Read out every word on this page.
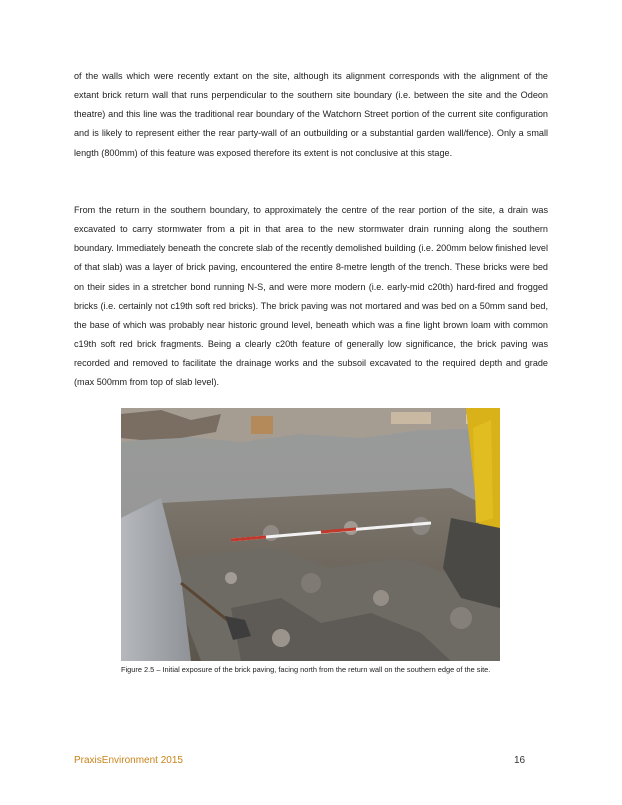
of the walls which were recently extant on the site, although its alignment corresponds with the alignment of the extant brick return wall that runs perpendicular to the southern site boundary (i.e. between the site and the Odeon theatre) and this line was the traditional rear boundary of the Watchorn Street portion of the current site configuration and is likely to represent either the rear party-wall of an outbuilding or a substantial garden wall/fence). Only a small length (800mm) of this feature was exposed therefore its extent is not conclusive at this stage.

From the return in the southern boundary, to approximately the centre of the rear portion of the site, a drain was excavated to carry stormwater from a pit in that area to the new stormwater drain running along the southern boundary. Immediately beneath the concrete slab of the recently demolished building (i.e. 200mm below finished level of that slab) was a layer of brick paving, encountered the entire 8-metre length of the trench. These bricks were bed on their sides in a stretcher bond running N-S, and were more modern (i.e. early-mid c20th) hard-fired and frogged bricks (i.e. certainly not c19th soft red bricks). The brick paving was not mortared and was bed on a 50mm sand bed, the base of which was probably near historic ground level, beneath which was a fine light brown loam with common c19th soft red brick fragments. Being a clearly c20th feature of generally low significance, the brick paving was recorded and removed to facilitate the drainage works and the subsoil excavated to the required depth and grade (max 500mm from top of slab level).

Figure 2.5 – Initial exposure of the brick paving, facing north from the return wall on the southern edge of the site.
PraxisEnvironment 2015	16
